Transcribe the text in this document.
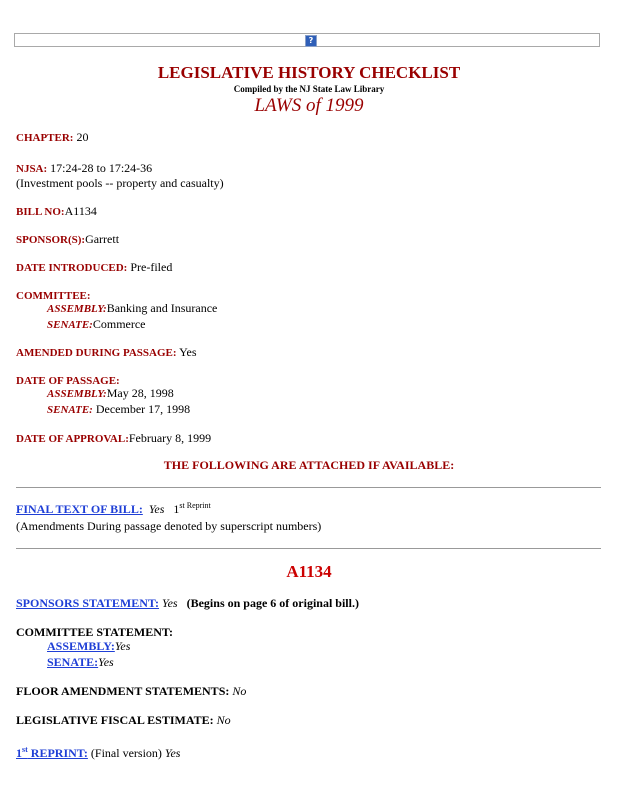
?
LEGISLATIVE HISTORY CHECKLIST
Compiled by the NJ State Law Library
LAWS of 1999
CHAPTER: 20
NJSA: 17:24-28 to 17:24-36
(Investment pools -- property and casualty)
BILL NO:A1134
SPONSOR(S):Garrett
DATE INTRODUCED: Pre-filed
COMMITTEE:
ASSEMBLY:Banking and Insurance
SENATE:Commerce
AMENDED DURING PASSAGE: Yes
DATE OF PASSAGE:
ASSEMBLY:May 28, 1998
SENATE: December 17, 1998
DATE OF APPROVAL:February 8, 1999
THE FOLLOWING ARE ATTACHED IF AVAILABLE:
FINAL TEXT OF BILL: Yes $1^{st Reprint}$
(Amendments During passage denoted by superscript numbers)
A1134
SPONSORS STATEMENT: Yes (Begins on page 6 of original bill.)
COMMITTEE STATEMENT:
ASSEMBLY:Yes
SENATE:Yes
FLOOR AMENDMENT STATEMENTS: No
LEGISLATIVE FISCAL ESTIMATE: No
1st REPRINT: (Final version) Yes
